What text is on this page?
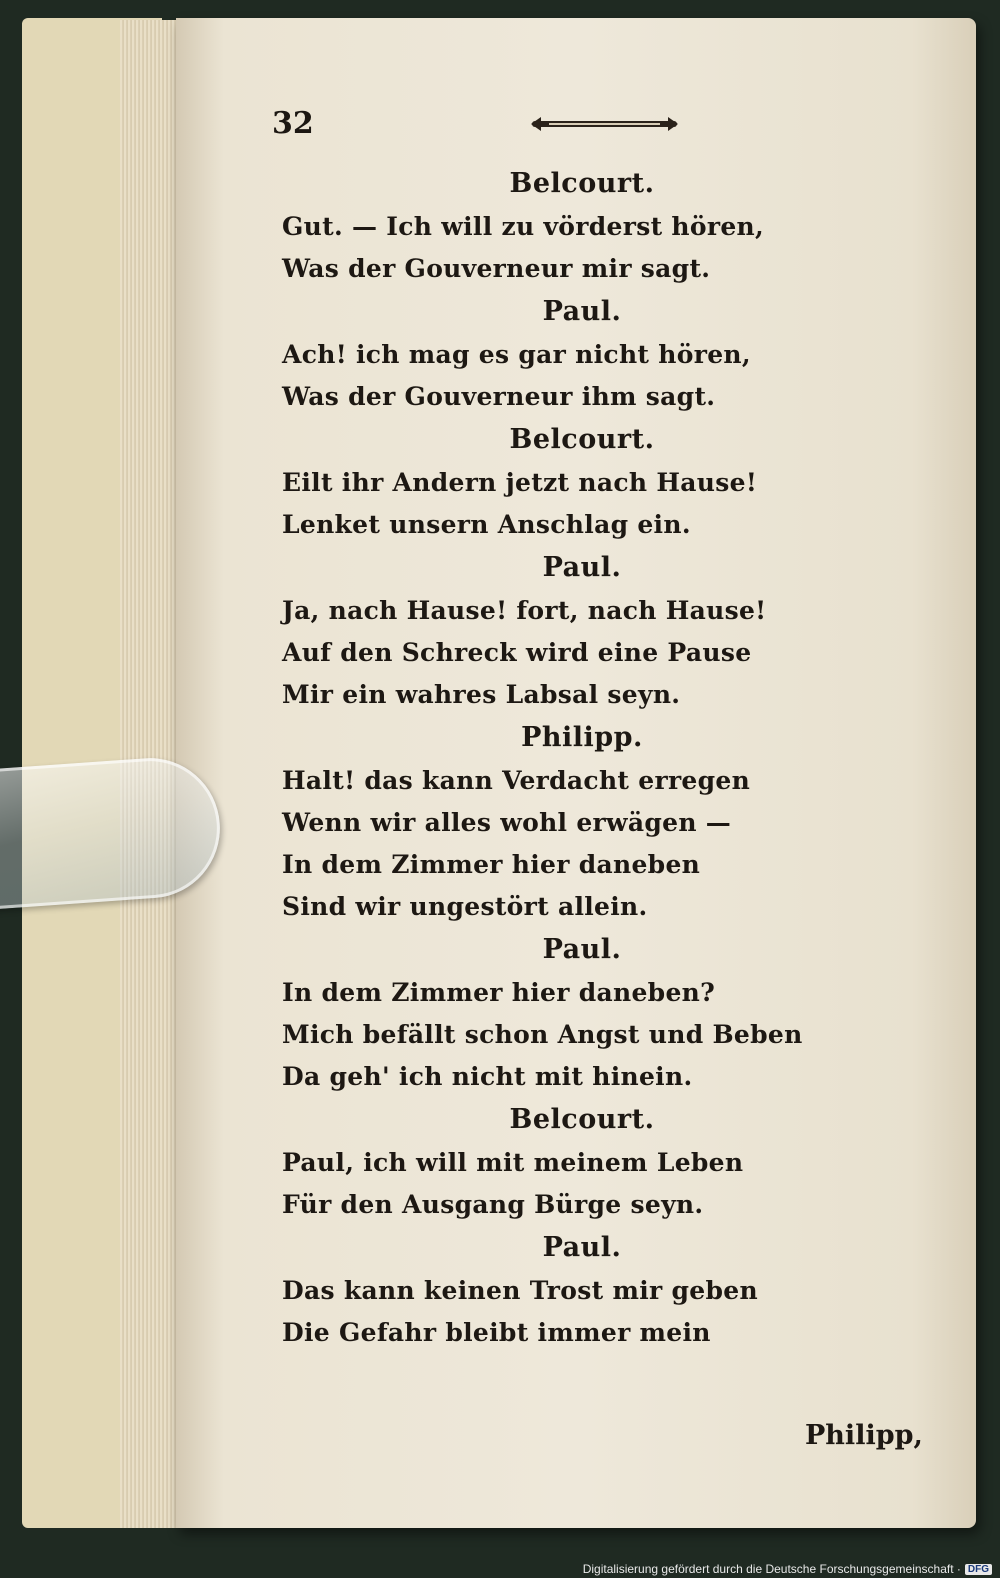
32
Belcourt.
Gut. — Ich will zu vörderst hören,
Was der Gouverneur mir sagt.
Paul.
Ach! ich mag es gar nicht hören,
Was der Gouverneur ihm sagt.
Belcourt.
Eilt ihr Andern jetzt nach Hause!
Lenket unsern Anschlag ein.
Paul.
Ja, nach Hause! fort, nach Hause!
Auf den Schreck wird eine Pause
Mir ein wahres Labsal seyn.
Philipp.
Halt! das kann Verdacht erregen
Wenn wir alles wohl erwägen —
In dem Zimmer hier daneben
Sind wir ungestört allein.
Paul.
In dem Zimmer hier daneben?
Mich befällt schon Angst und Beben
Da geh' ich nicht mit hinein.
Belcourt.
Paul, ich will mit meinem Leben
Für den Ausgang Bürge seyn.
Paul.
Das kann keinen Trost mir geben
Die Gefahr bleibt immer mein
Philipp,
Digitalisierung gefördert durch die Deutsche Forschungsgemeinschaft · DFG
